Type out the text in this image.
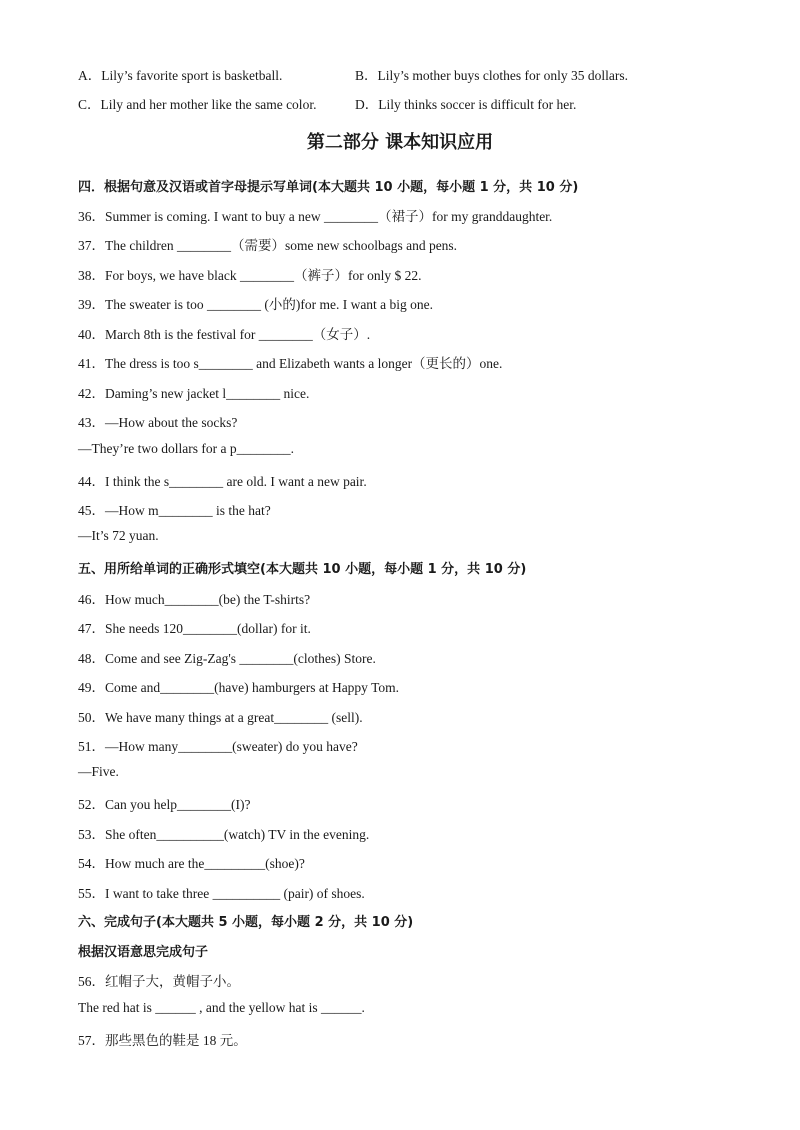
A．Lily’s favorite sport is basketball.	B．Lily’s mother buys clothes for only 35 dollars.
C．Lily and her mother like the same color.	D．Lily thinks soccer is difficult for her.
第二部分 课本知识应用
四．根据句意及汉语或首字母提示写单词(本大题共 10 小题，每小题 1 分，共 10 分)
36．Summer is coming. I want to buy a new ________（裙子）for my granddaughter.
37．The children ________（需要）some new schoolbags and pens.
38．For boys, we have black ________（裤子）for only $ 22.
39．The sweater is too ________ (小的)for me. I want a big one.
40．March 8th is the festival for ________（女子）.
41．The dress is too s________ and Elizabeth wants a longer（更长的）one.
42．Daming’s new jacket l________ nice.
43．—How about the socks?
—They’re two dollars for a p________.
44．I think the s________ are old. I want a new pair.
45．—How m________ is the hat?
—It’s 72 yuan.
五、用所给单词的正确形式填空(本大题共 10 小题，每小题 1 分，共 10 分)
46．How much________(be) the T-shirts?
47．She needs 120________(dollar) for it.
48．Come and see Zig-Zag's ________(clothes) Store.
49．Come and________(have) hamburgers at Happy Tom.
50．We have many things at a great________ (sell).
51．—How many________(sweater) do you have?
—Five.
52．Can you help________(I)?
53．She often__________(watch) TV in the evening.
54．How much are the_________(shoe)?
55．I want to take three __________ (pair) of shoes.
六、完成句子(本大题共 5 小题，每小题 2 分，共 10 分)
根据汉语意思完成句子
56．红帽子大，黄帽子小。
The red hat is ______ , and the yellow hat is ______.
57．那些黑色的鞋是 18 元。
